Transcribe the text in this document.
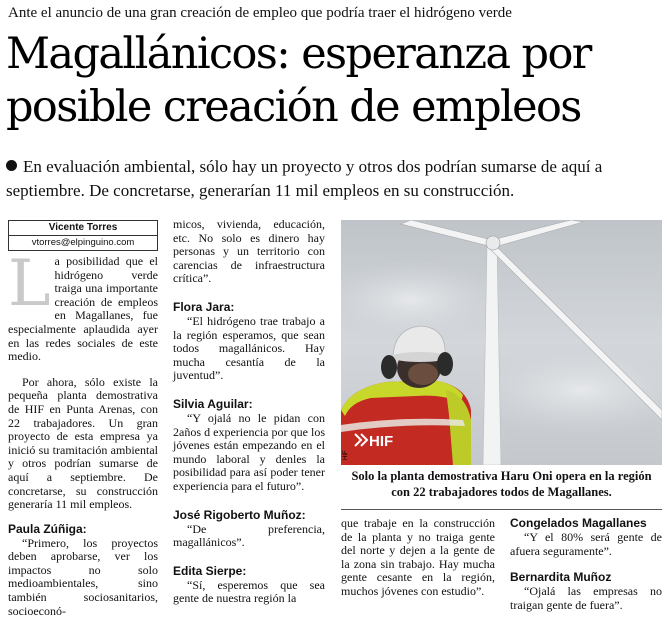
Ante el anuncio de una gran creación de empleo que podría traer el hidrógeno verde
Magallánicos: esperanza por posible creación de empleos
En evaluación ambiental, sólo hay un proyecto y otros dos podrían sumarse de aquí a septiembre. De concretarse, generarían 11 mil empleos en su construcción.
Vicente Torres
vtorres@elpinguino.com

La posibilidad que el hidrógeno verde traiga una importante creación de empleos en Magallanes, fue especialmente aplaudida ayer en las redes sociales de este medio.

Por ahora, sólo existe la pequeña planta demostrativa de HIF en Punta Arenas, con 22 trabajadores. Un gran proyecto de esta empresa ya inició su tramitación ambiental y otros podrían sumarse de aquí a septiembre. De concretarse, su construcción generaría 11 mil empleos.

Paula Zúñiga:

“Primero, los proyectos deben aprobarse, ver los impactos no solo medioambientales, sino también sociosanitarios, socioeconó-

micos, vivienda, educación, etc. No solo es dinero hay personas y un territorio con carencias de infraestructura crítica”.

Flora Jara:

“El hidrógeno trae trabajo a la región esperamos, que sean todos magallánicos. Hay mucha cesantía de la juventud”.

Silvia Aguilar:

“Y ojalá no le pidan con 2años d experiencia por que los jóvenes están empezando en el mundo laboral y denles la posibilidad para así poder tener experiencia para el futuro”.

José Rigoberto Muñoz:

“De preferencia, magallánicos”.

Edita Sierpe:

“Sí, esperemos que sea gente de nuestra región la

HIF
HIF
Solo la planta demostrativa Haru Oni opera en la región con 22 trabajadores todos de Magallanes.

que trabaje en la construcción de la planta y no traiga gente del norte y dejen a la gente de la zona sin trabajo. Hay mucha gente cesante en la región, muchos jóvenes con estudio”.

Congelados Magallanes

“Y el 80% será gente de afuera seguramente”.

Bernardita Muñoz

“Ojalá las empresas no traigan gente de fuera”.
